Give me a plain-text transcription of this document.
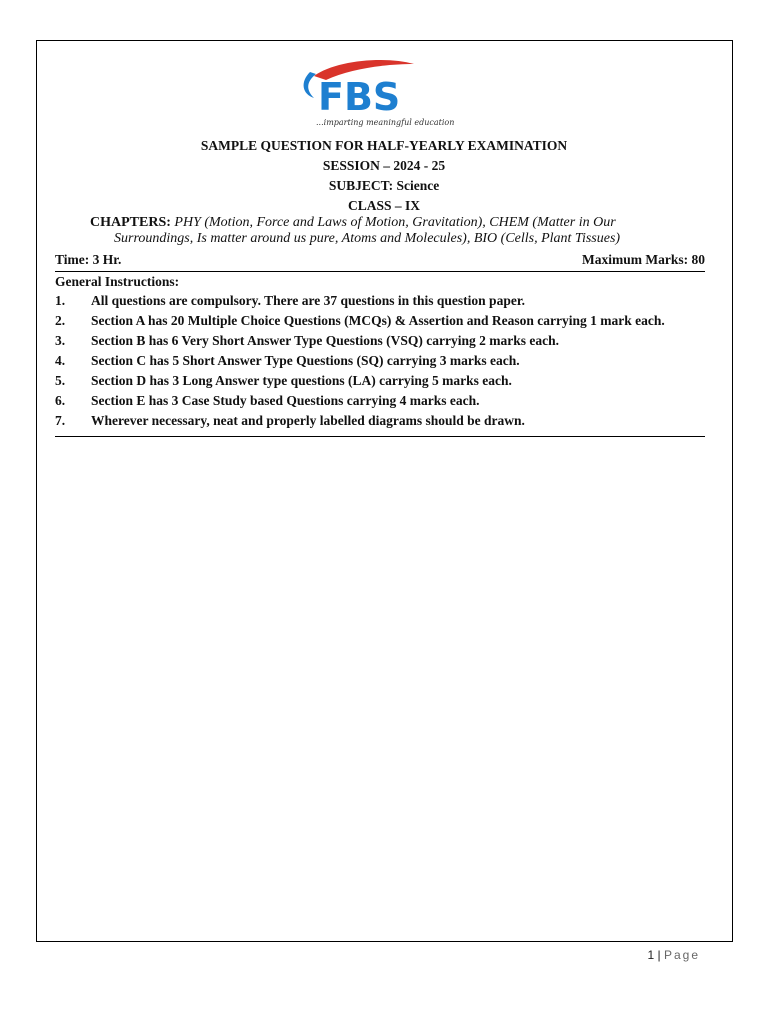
FBS
...imparting meaningful education
SAMPLE QUESTION FOR HALF-YEARLY EXAMINATION
SESSION – 2024 - 25
SUBJECT: Science
CLASS – IX
CHAPTERS: PHY (Motion, Force and Laws of Motion, Gravitation), CHEM (Matter in Our
Surroundings, Is matter around us pure, Atoms and Molecules), BIO (Cells, Plant Tissues)
Time: 3 Hr.	Maximum Marks: 80
General Instructions:
1. All questions are compulsory. There are 37 questions in this question paper.
2. Section A has 20 Multiple Choice Questions (MCQs) & Assertion and Reason carrying 1 mark each.
3. Section B has 6 Very Short Answer Type Questions (VSQ) carrying 2 marks each.
4. Section C has 5 Short Answer Type Questions (SQ) carrying 3 marks each.
5. Section D has 3 Long Answer type questions (LA) carrying 5 marks each.
6. Section E has 3 Case Study based Questions carrying 4 marks each.
7. Wherever necessary, neat and properly labelled diagrams should be drawn.
1 | Page
